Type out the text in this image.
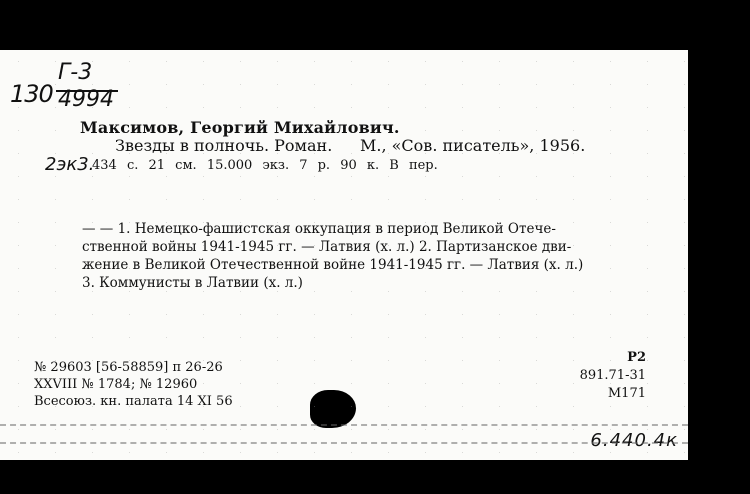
130
Г-3
4994
Максимов, Георгий Михайлович.
Звезды в полночь. Роман. М., «Сов. писатель», 1956.
2эк3.
434 с. 21 см. 15.000 экз. 7 р. 90 к. В пер.
— — 1. Немецко-фашистская оккупация в период Великой Отече-
ственной войны 1941-1945 гг. — Латвия (х. л.) 2. Партизанское дви-
жение в Великой Отечественной войне 1941-1945 гг. — Латвия (х. л.)
3. Коммунисты в Латвии (х. л.)
№ 29603 [56-58859] п 26-26
XXVIII № 1784; № 12960
Всесоюз. кн. палата 14 XI 56
Р2
891.71-31
М171
6.440.4к
